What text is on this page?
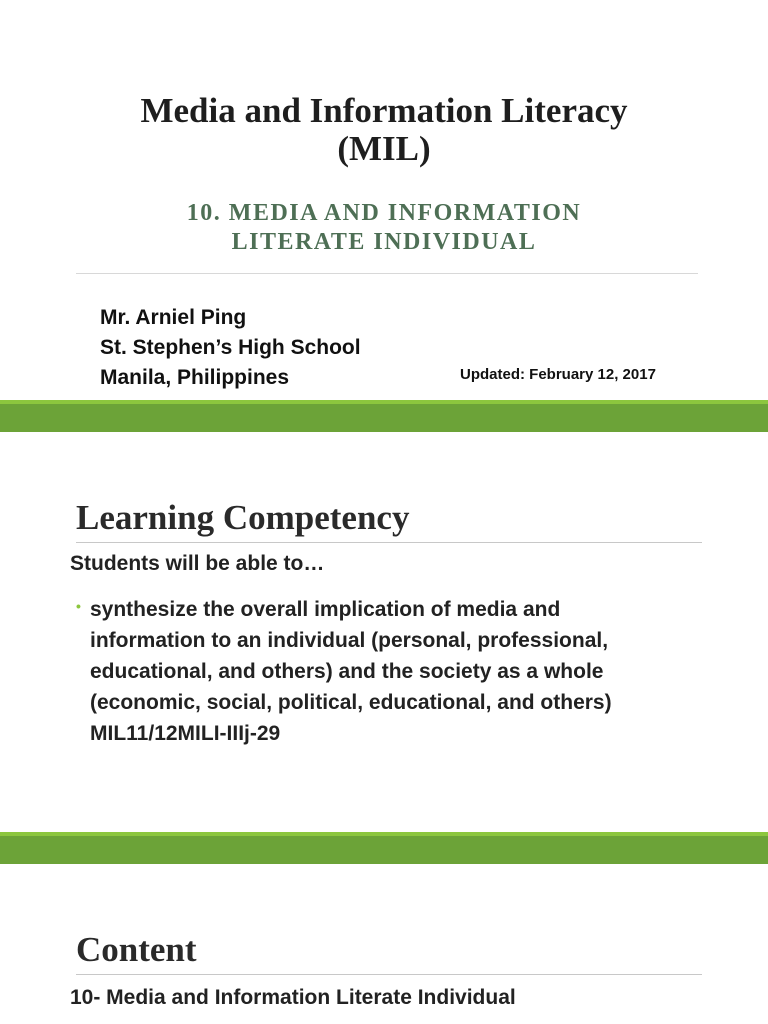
Media and Information Literacy
(MIL)
10. MEDIA AND INFORMATION
LITERATE INDIVIDUAL
Mr. Arniel Ping
St. Stephen’s High School
Manila, Philippines	Updated: February 12, 2017
Learning Competency
Students will be able to…
• synthesize the overall implication of media and information to an individual (personal, professional, educational, and others) and the society as a whole (economic, social, political, educational, and others) MIL11/12MILI-IIIj-29
Content
10- Media and Information Literate Individual
